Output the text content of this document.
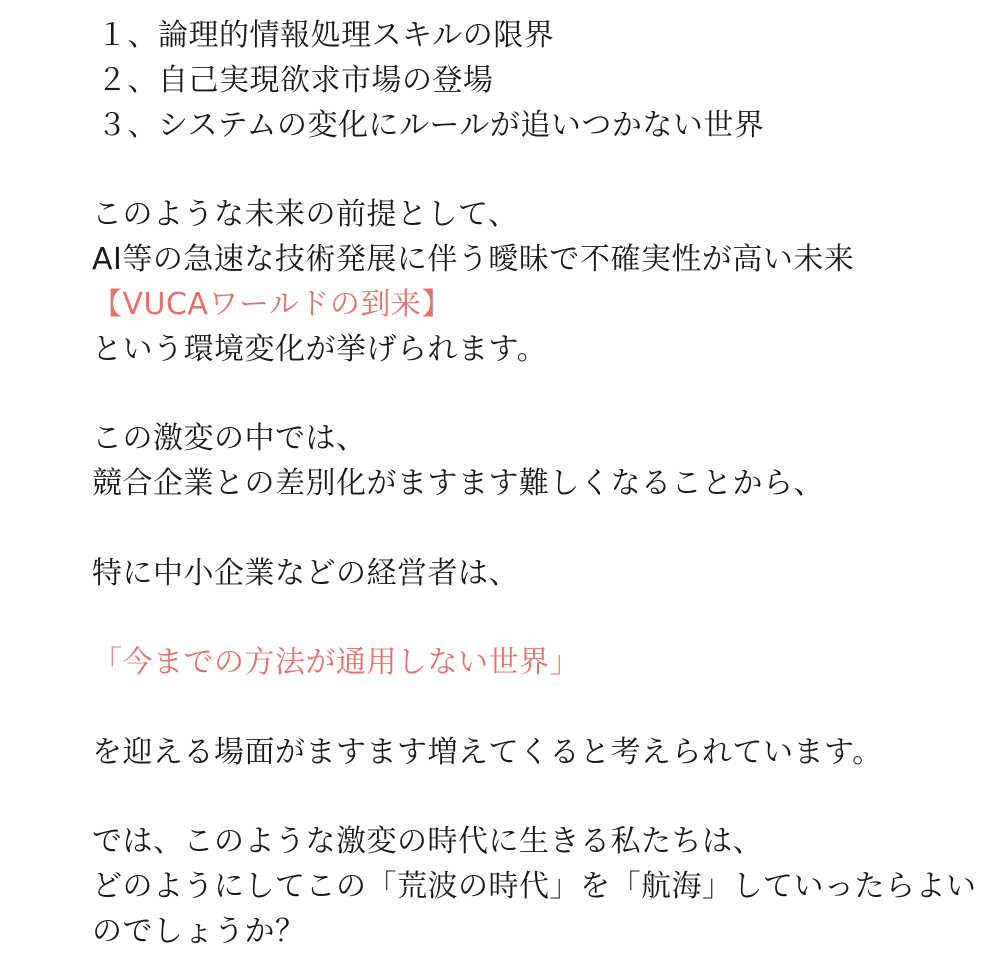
１、論理的情報処理スキルの限界
２、自己実現欲求市場の登場
３、システムの変化にルールが追いつかない世界
このような未来の前提として、
AI等の急速な技術発展に伴う曖昧で不確実性が高い未来
【VUCAワールドの到来】
という環境変化が挙げられます。
この激変の中では、
競合企業との差別化がますます難しくなることから、
特に中小企業などの経営者は、
「今までの方法が通用しない世界」
を迎える場面がますます増えてくると考えられています。
では、このような激変の時代に生きる私たちは、
どのようにしてこの「荒波の時代」を「航海」していったらよい
のでしょうか？
